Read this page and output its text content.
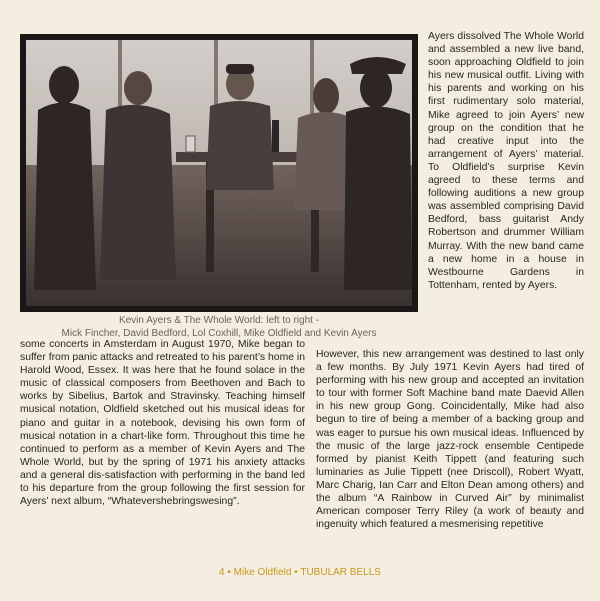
Kevin Ayers & The Whole World: left to right -
Mick Fincher, David Bedford, Lol Coxhill, Mike Oldfield and Kevin Ayers
Ayers dissolved The Whole World and assembled a new live band, soon approaching Oldfield to join his new musical outfit. Living with his parents and working on his first rudimentary solo material, Mike agreed to join Ayers’ new group on the condition that he had creative input into the arrangement of Ayers’ material. To Oldfield’s surprise Kevin agreed to these terms and following auditions a new group was assembled comprising David Bedford, bass guitarist Andy Robertson and drummer William Murray. With the new band came a new home in a house in Westbourne Gardens in Tottenham, rented by Ayers.
some concerts in Amsterdam in August 1970, Mike began to suffer from panic attacks and retreated to his parent’s home in Harold Wood, Essex. It was here that he found solace in the music of classical composers from Beethoven and Bach to works by Sibelius, Bartok and Stravinsky. Teaching himself musical notation, Oldfield sketched out his musical ideas for piano and guitar in a notebook, devising his own form of musical notation in a chart-like form. Throughout this time he continued to perform as a member of Kevin Ayers and The Whole World, but by the spring of 1971 his anxiety attacks and a general dis-satisfaction with performing in the band led to his departure from the group following the first session for Ayers’ next album, “Whatevershebringswesing”.
However, this new arrangement was destined to last only a few months. By July 1971 Kevin Ayers had tired of performing with his new group and accepted an invitation to tour with former Soft Machine band mate Daevid Allen in his new group Gong. Coincidentally, Mike had also begun to tire of being a member of a backing group and was eager to pursue his own musical ideas. Influenced by the music of the large jazz-rock ensemble Centipede formed by pianist Keith Tippett (and featuring such luminaries as Julie Tippett (nee Driscoll), Robert Wyatt, Marc Charig, Ian Carr and Elton Dean among others) and the album “A Rainbow in Curved Air” by minimalist American composer Terry Riley (a work of beauty and ingenuity which featured a mesmerising repetitive
4 • Mike Oldfield • TUBULAR BELLS
